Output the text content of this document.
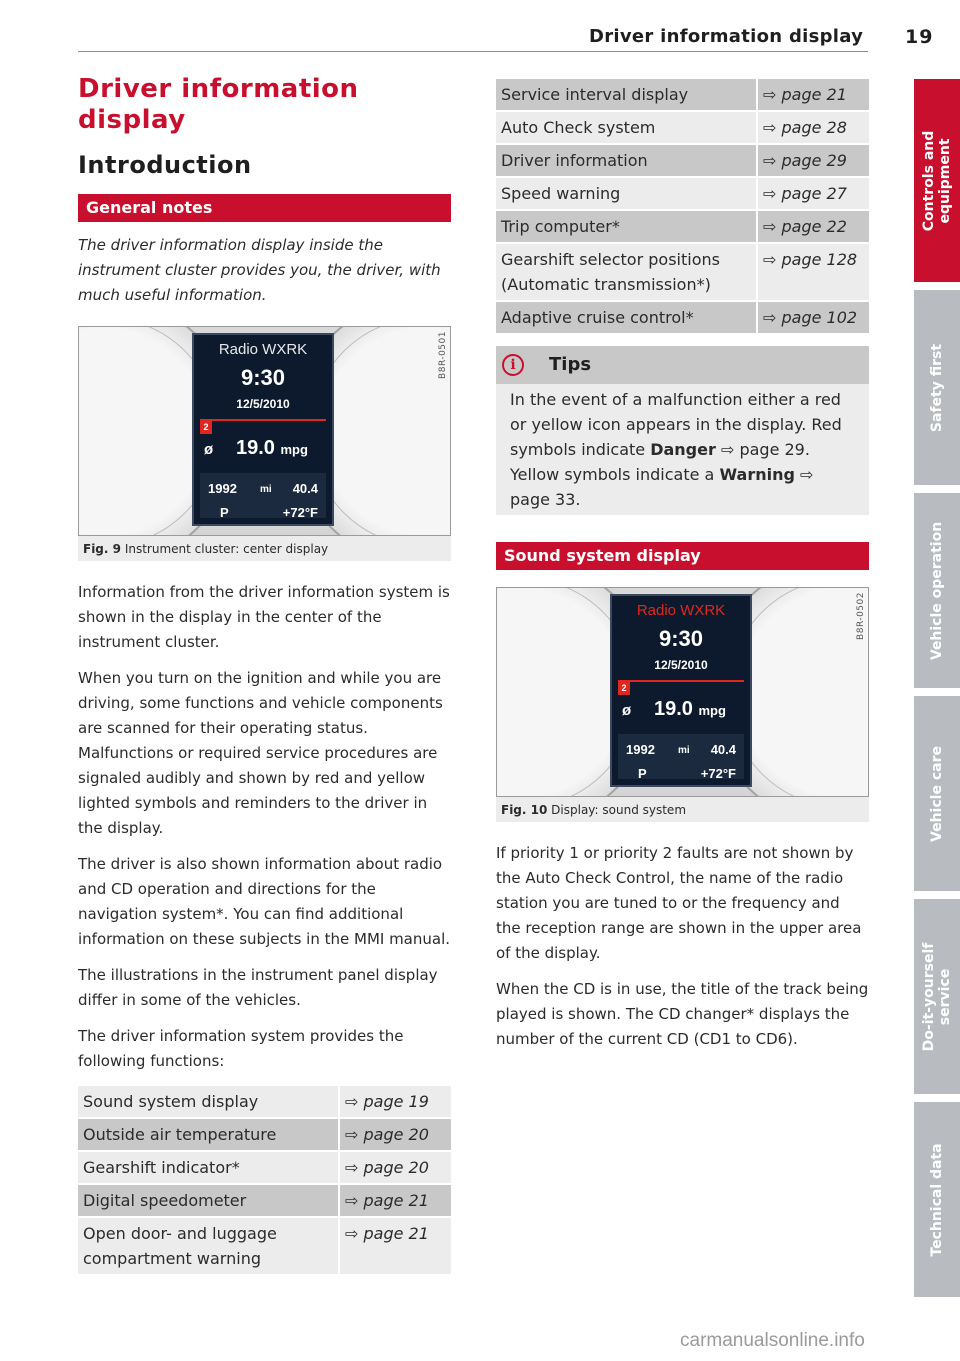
Driver information display 19
Driver information display
Introduction
General notes

The driver information display inside the instrument cluster provides you, the driver, with much useful information.

Radio WXRK
9:30
12/5/2010
2
ø 19.0 mpg
1992 mi 40.4
P	+72°F
B8R-0501
Fig. 9 Instrument cluster: center display

Information from the driver information system is shown in the display in the center of the instrument cluster.

When you turn on the ignition and while you are driving, some functions and vehicle components are scanned for their operating status. Malfunctions or required service procedures are signaled audibly and shown by red and yellow lighted symbols and reminders to the driver in the display.

The driver is also shown information about radio and CD operation and directions for the navigation system*. You can find additional information on these subjects in the MMI manual.

The illustrations in the instrument panel display differ in some of the vehicles.

The driver information system provides the following functions:

Sound system display	⇨ page 19
Outside air temperature	⇨ page 20
Gearshift indicator*	⇨ page 20
Digital speedometer	⇨ page 21
Open door- and luggage compartment warning	⇨ page 21
Service interval display	⇨ page 21
Auto Check system	⇨ page 28
Driver information	⇨ page 29
Speed warning	⇨ page 27
Trip computer*	⇨ page 22
Gearshift selector positions (Automatic transmission*)	⇨ page 128
Adaptive cruise control*	⇨ page 102
i	Tips
In the event of a malfunction either a red or yellow icon appears in the display. Red symbols indicate Danger ⇨ page 29. Yellow symbols indicate a Warning ⇨ page 33.
Sound system display
Radio WXRK
9:30
12/5/2010
2
ø 19.0 mpg
1992 mi 40.4
P	+72°F
B8R-0502
Fig. 10 Display: sound system

If priority 1 or priority 2 faults are not shown by the Auto Check Control, the name of the radio station you are tuned to or the frequency and the reception range are shown in the upper area of the display.

When the CD is in use, the title of the track being played is shown. The CD changer* displays the number of the current CD (CD1 to CD6).

Controls and equipment
Safety first
Vehicle operation
Vehicle care
Do-it-yourself service
Technical data
carmanualsonline.info
